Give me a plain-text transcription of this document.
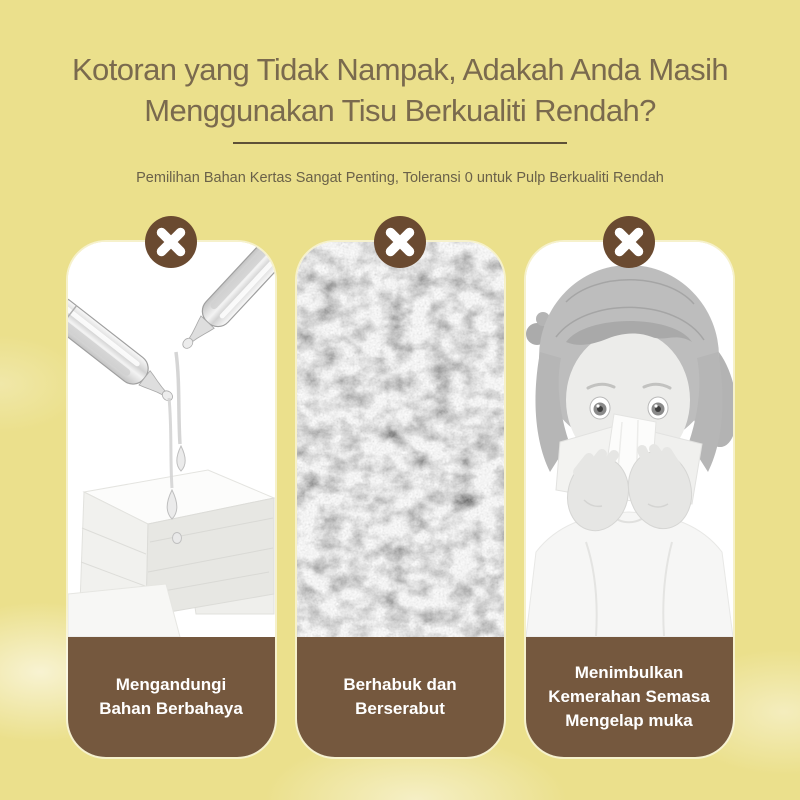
Kotoran yang Tidak Nampak, Adakah Anda Masih
Menggunakan Tisu Berkualiti Rendah?

Pemilihan Bahan Kertas Sangat Penting, Toleransi 0 untuk Pulp Berkualiti Rendah

Mengandungi
Bahan Berbahaya
Berhabuk dan
Berserabut
Menimbulkan
Kemerahan Semasa
Mengelap muka
